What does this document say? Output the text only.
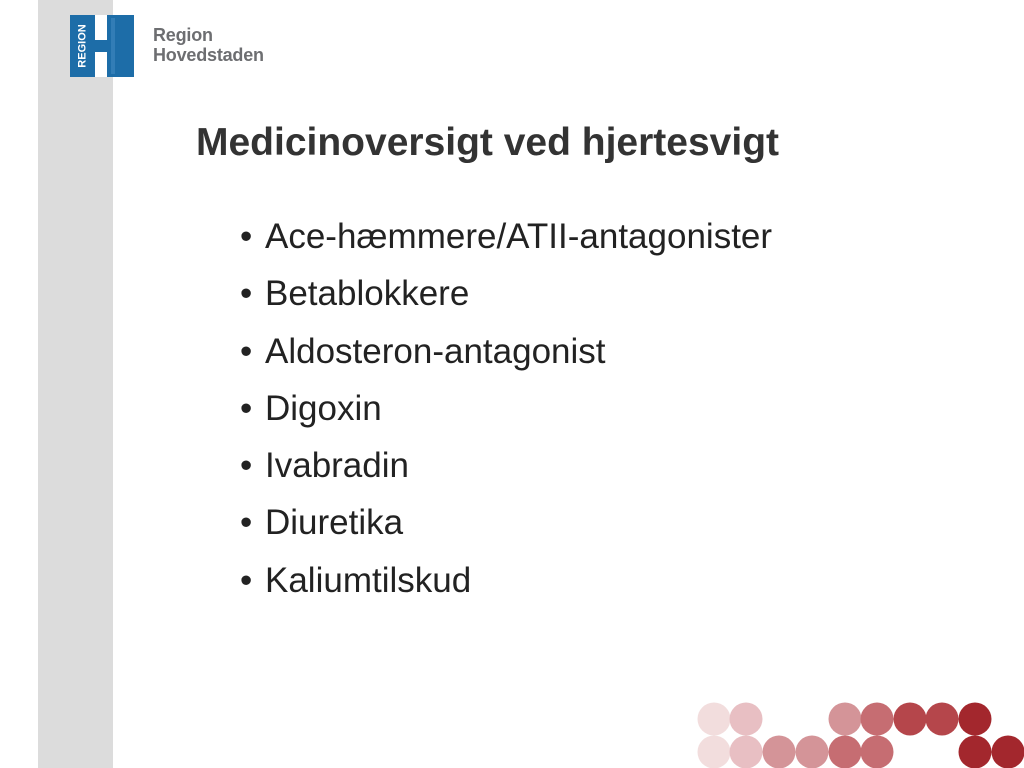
REGION	Region
Hovedstaden
Medicinoversigt ved hjertesvigt
• Ace-hæmmere/ATII-antagonister
• Betablokkere
• Aldosteron-antagonist
• Digoxin
• Ivabradin
• Diuretika
• Kaliumtilskud
